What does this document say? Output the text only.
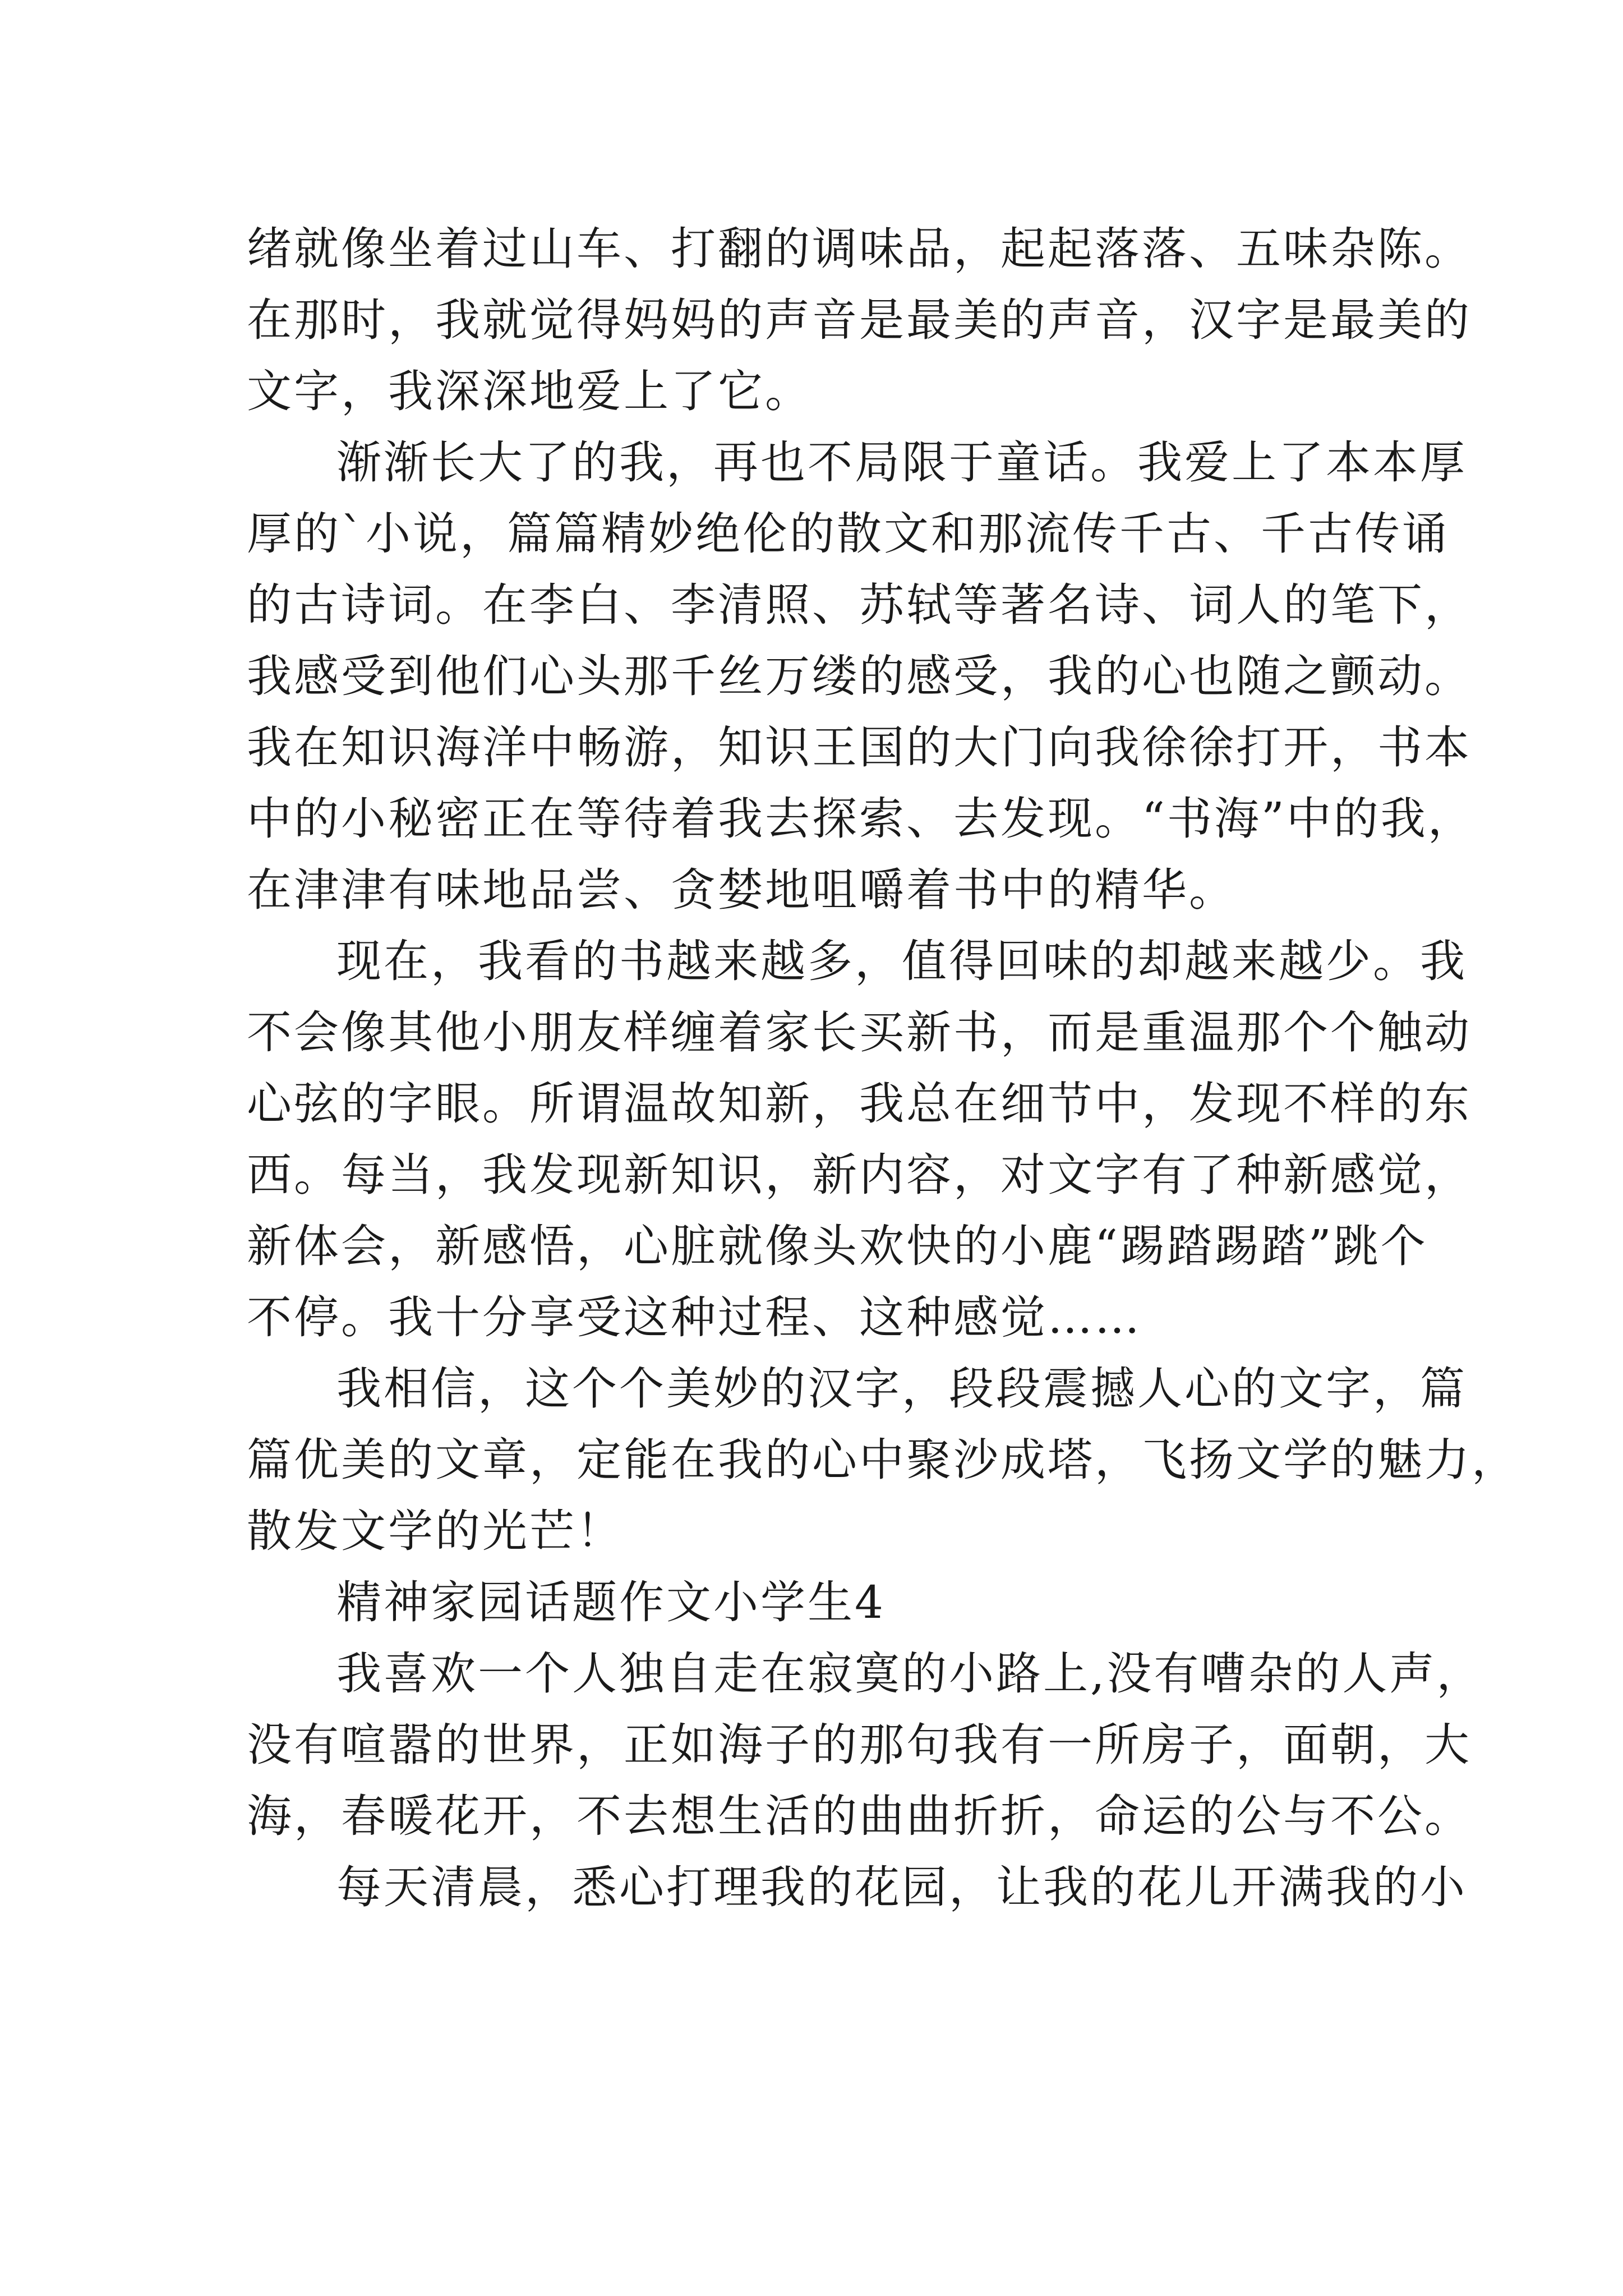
绪就像坐着过山车、打翻的调味品，起起落落、五味杂陈。
在那时，我就觉得妈妈的声音是最美的声音，汉字是最美的
文字，我深深地爱上了它。
渐渐长大了的我，再也不局限于童话。我爱上了本本厚
厚的`小说，篇篇精妙绝伦的散文和那流传千古、千古传诵
的古诗词。在李白、李清照、苏轼等著名诗、词人的笔下，
我感受到他们心头那千丝万缕的感受，我的心也随之颤动。
我在知识海洋中畅游，知识王国的大门向我徐徐打开，书本
中的小秘密正在等待着我去探索、去发现。“书海”中的我，
在津津有味地品尝、贪婪地咀嚼着书中的精华。
现在，我看的书越来越多，值得回味的却越来越少。我
不会像其他小朋友样缠着家长买新书，而是重温那个个触动
心弦的字眼。所谓温故知新，我总在细节中，发现不样的东
西。每当，我发现新知识，新内容，对文字有了种新感觉，
新体会，新感悟，心脏就像头欢快的小鹿“踢踏踢踏”跳个
不停。我十分享受这种过程、这种感觉……
我相信，这个个美妙的汉字，段段震撼人心的文字，篇
篇优美的文章，定能在我的心中聚沙成塔，飞扬文学的魅力，
散发文学的光芒！
精神家园话题作文小学生4
我喜欢一个人独自走在寂寞的小路上,没有嘈杂的人声，
没有喧嚣的世界，正如海子的那句我有一所房子，面朝，大
海，春暖花开，不去想生活的曲曲折折，命运的公与不公。
每天清晨，悉心打理我的花园，让我的花儿开满我的小
